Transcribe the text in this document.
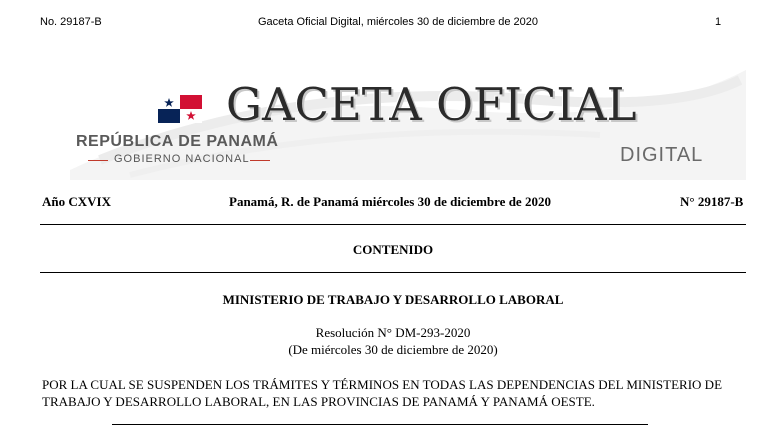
No. 29187-B	Gaceta Oficial Digital, miércoles 30 de diciembre de 2020	1
GACETA OFICIAL
REPÚBLICA DE PANAMÁ
GOBIERNO NACIONAL	DIGITAL
Año CXVIX	Panamá, R. de Panamá miércoles 30 de diciembre de 2020	N° 29187-B
CONTENIDO
MINISTERIO DE TRABAJO Y DESARROLLO LABORAL
Resolución N° DM-293-2020
(De miércoles 30 de diciembre de 2020)
POR LA CUAL SE SUSPENDEN LOS TRÁMITES Y TÉRMINOS EN TODAS LAS DEPENDENCIAS DEL MINISTERIO DE TRABAJO Y DESARROLLO LABORAL, EN LAS PROVINCIAS DE PANAMÁ Y PANAMÁ OESTE.
